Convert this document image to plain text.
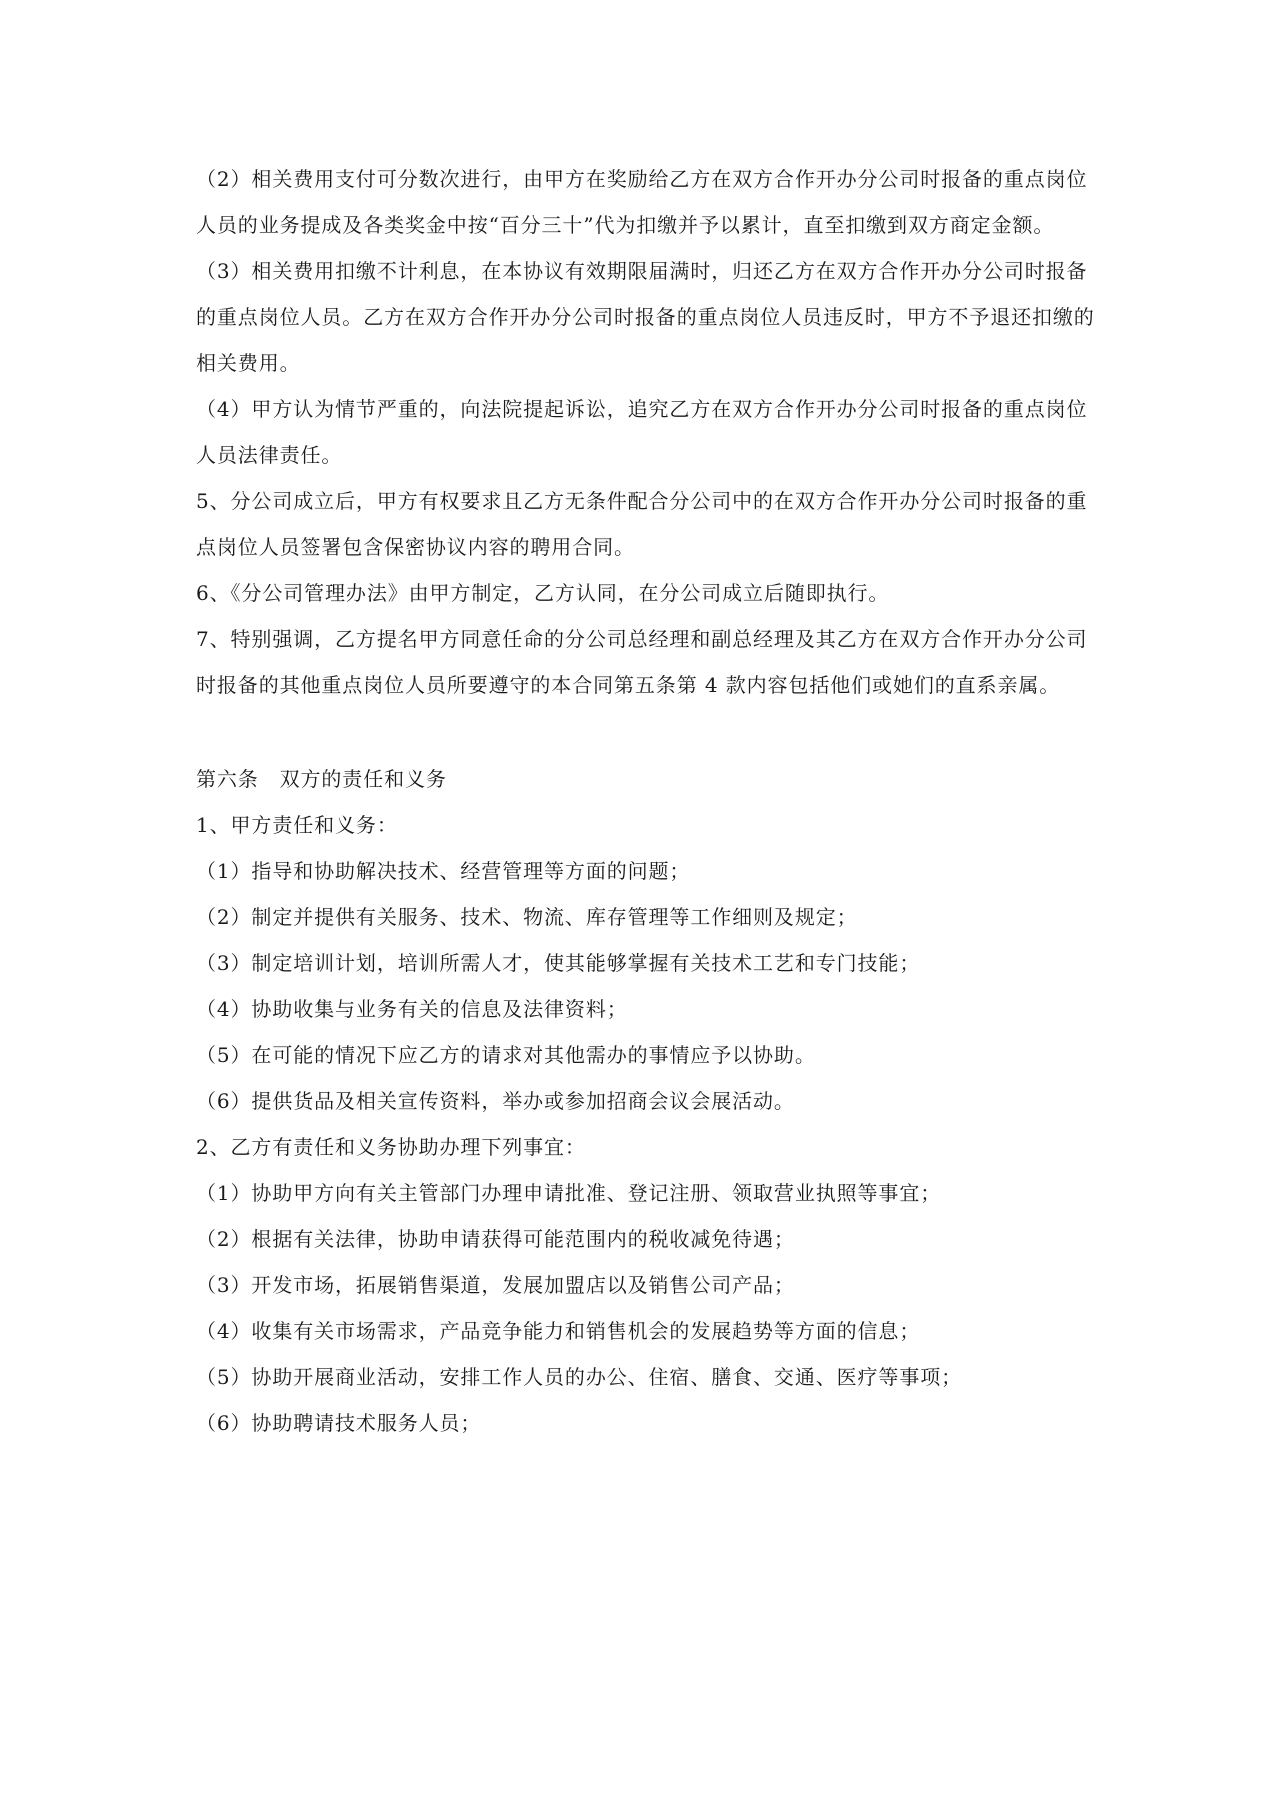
（2）相关费用支付可分数次进行，由甲方在奖励给乙方在双方合作开办分公司时报备的重点岗位人员的业务提成及各类奖金中按“百分三十”代为扣缴并予以累计，直至扣缴到双方商定金额。

（3）相关费用扣缴不计利息，在本协议有效期限届满时，归还乙方在双方合作开办分公司时报备的重点岗位人员。乙方在双方合作开办分公司时报备的重点岗位人员违反时，甲方不予退还扣缴的相关费用。

（4）甲方认为情节严重的，向法院提起诉讼，追究乙方在双方合作开办分公司时报备的重点岗位人员法律责任。

5、分公司成立后，甲方有权要求且乙方无条件配合分公司中的在双方合作开办分公司时报备的重点岗位人员签署包含保密协议内容的聘用合同。

6、《分公司管理办法》由甲方制定，乙方认同，在分公司成立后随即执行。

7、特别强调，乙方提名甲方同意任命的分公司总经理和副总经理及其乙方在双方合作开办分公司时报备的其他重点岗位人员所要遵守的本合同第五条第 4 款内容包括他们或她们的直系亲属。

第六条　双方的责任和义务

1、甲方责任和义务：

（1）指导和协助解决技术、经营管理等方面的问题；

（2）制定并提供有关服务、技术、物流、库存管理等工作细则及规定；

（3）制定培训计划，培训所需人才，使其能够掌握有关技术工艺和专门技能；

（4）协助收集与业务有关的信息及法律资料；

（5）在可能的情况下应乙方的请求对其他需办的事情应予以协助。

（6）提供货品及相关宣传资料，举办或参加招商会议会展活动。

2、乙方有责任和义务协助办理下列事宜：

（1）协助甲方向有关主管部门办理申请批准、登记注册、领取营业执照等事宜；

（2）根据有关法律，协助申请获得可能范围内的税收减免待遇；

（3）开发市场，拓展销售渠道，发展加盟店以及销售公司产品；

（4）收集有关市场需求，产品竞争能力和销售机会的发展趋势等方面的信息；

（5）协助开展商业活动，安排工作人员的办公、住宿、膳食、交通、医疗等事项；

（6）协助聘请技术服务人员；
